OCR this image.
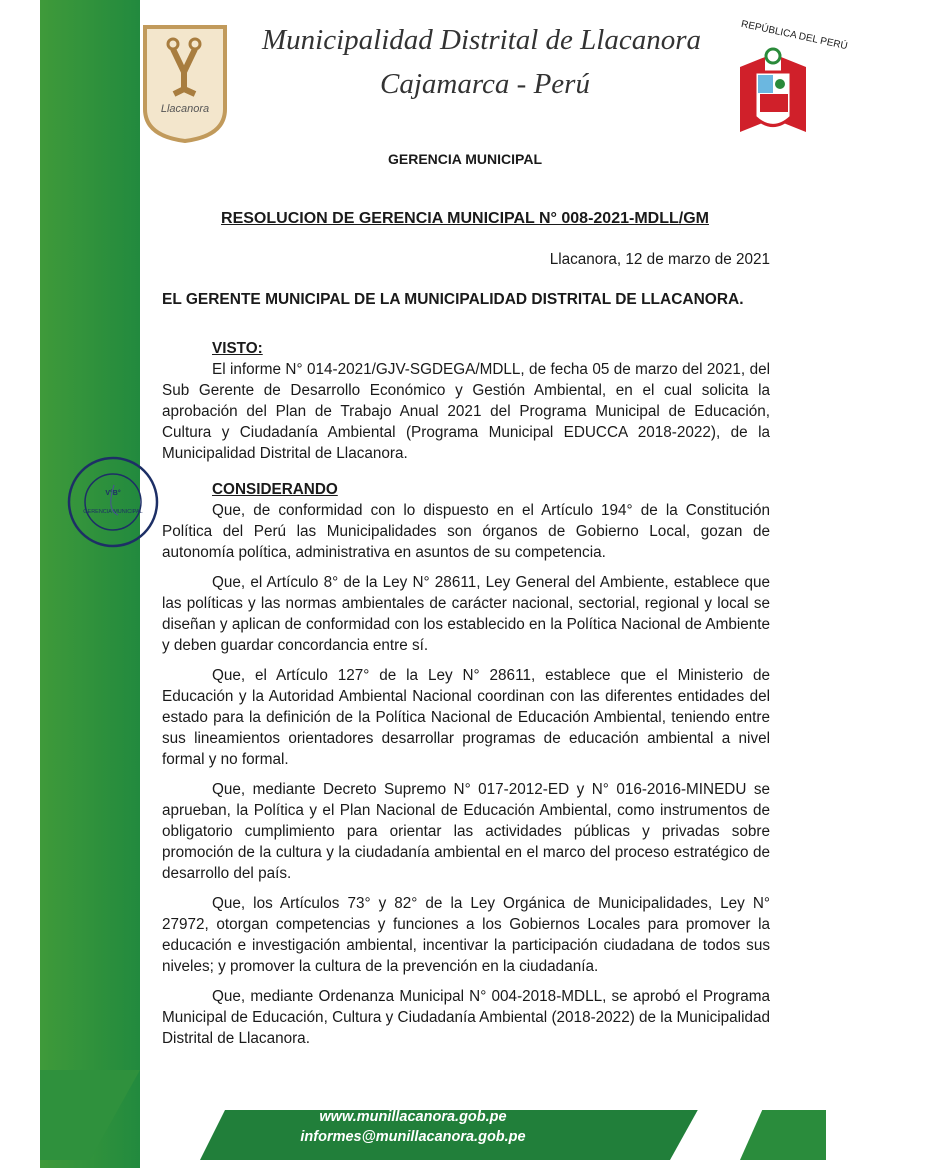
Llacanora
Municipalidad Distrital de Llacanora
Cajamarca - Perú
REPÚBLICA DEL PERÚ
GERENCIA MUNICIPAL
RESOLUCION DE GERENCIA MUNICIPAL N° 008-2021-MDLL/GM
Llacanora, 12 de marzo de 2021
V°B°
GERENCIA MUNICIPAL

EL GERENTE MUNICIPAL DE LA MUNICIPALIDAD DISTRITAL DE LLACANORA.

VISTO:

El informe N° 014-2021/GJV-SGDEGA/MDLL, de fecha 05 de marzo del 2021, del Sub Gerente de Desarrollo Económico y Gestión Ambiental, en el cual solicita la aprobación del Plan de Trabajo Anual 2021 del Programa Municipal de Educación, Cultura y Ciudadanía Ambiental (Programa Municipal EDUCCA 2018-2022), de la Municipalidad Distrital de Llacanora.

CONSIDERANDO

Que, de conformidad con lo dispuesto en el Artículo 194° de la Constitución Política del Perú las Municipalidades son órganos de Gobierno Local, gozan de autonomía política, administrativa en asuntos de su competencia.

Que, el Artículo 8° de la Ley N° 28611, Ley General del Ambiente, establece que las políticas y las normas ambientales de carácter nacional, sectorial, regional y local se diseñan y aplican de conformidad con los establecido en la Política Nacional de Ambiente y deben guardar concordancia entre sí.

Que, el Artículo 127° de la Ley N° 28611, establece que el Ministerio de Educación y la Autoridad Ambiental Nacional coordinan con las diferentes entidades del estado para la definición de la Política Nacional de Educación Ambiental, teniendo entre sus lineamientos orientadores desarrollar programas de educación ambiental a nivel formal y no formal.

Que, mediante Decreto Supremo N° 017-2012-ED y N° 016-2016-MINEDU se aprueban, la Política y el Plan Nacional de Educación Ambiental, como instrumentos de obligatorio cumplimiento para orientar las actividades públicas y privadas sobre promoción de la cultura y la ciudadanía ambiental en el marco del proceso estratégico de desarrollo del país.

Que, los Artículos 73° y 82° de la Ley Orgánica de Municipalidades, Ley N° 27972, otorgan competencias y funciones a los Gobiernos Locales para promover la educación e investigación ambiental, incentivar la participación ciudadana de todos sus niveles; y promover la cultura de la prevención en la ciudadanía.

Que, mediante Ordenanza Municipal N° 004-2018-MDLL, se aprobó el Programa Municipal de Educación, Cultura y Ciudadanía Ambiental (2018-2022) de la Municipalidad Distrital de Llacanora.

Jr. Miguel Grau N° 120 - Plaza de Armas Llacanora
www.munillacanora.gob.pe
informes@munillacanora.gob.pe
